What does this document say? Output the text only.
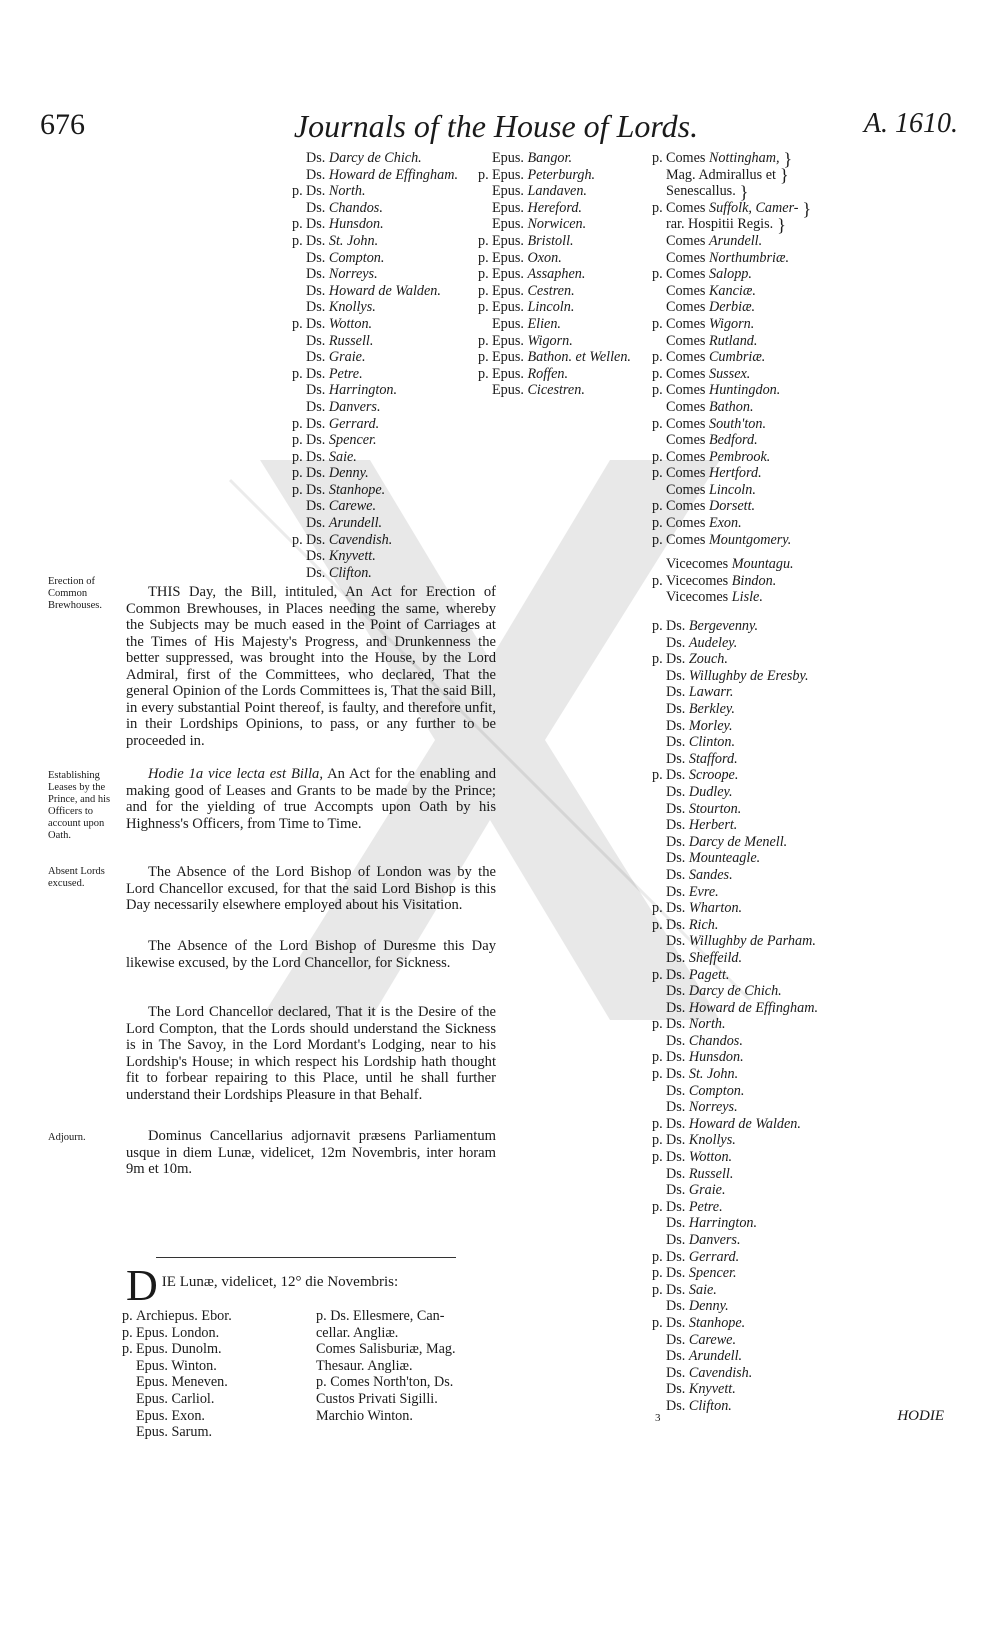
676	Journals of the House of Lords.	A. 1610.
Ds. Darcy de Chich.
Ds. Howard de Effingham.
p. Ds. North.
Ds. Chandos.
p. Ds. Hunsdon.
p. Ds. St. John.
Ds. Compton.
Ds. Norreys.
Ds. Howard de Walden.
Ds. Knollys.
p. Ds. Wotton.
Ds. Russell.
Ds. Graie.
p. Ds. Petre.
Ds. Harrington.
Ds. Danvers.
p. Ds. Gerrard.
p. Ds. Spencer.
p. Ds. Saie.
p. Ds. Denny.
p. Ds. Stanhope.
Ds. Carewe.
Ds. Arundell.
p. Ds. Cavendish.
Ds. Knyvett.
Ds. Clifton.
Epus. Bangor.
p. Epus. Peterburgh.
Epus. Landaven.
Epus. Hereford.
Epus. Norwicen.
p. Epus. Bristoll.
p. Epus. Oxon.
p. Epus. Assaphen.
p. Epus. Cestren.
p. Epus. Lincoln.
Epus. Elien.
p. Epus. Wigorn.
p. Epus. Bathon. et Wellen.
p. Epus. Roffen.
Epus. Cicestren.
p. Comes Nottingham, }
Mag. Admirallus et }
Senescallus. }
p. Comes Suffolk, Camer- }
rar. Hospitii Regis. }
Comes Arundell.
Comes Northumbriæ.
p. Comes Salopp.
Comes Kanciæ.
Comes Derbiæ.
p. Comes Wigorn.
Comes Rutland.
p. Comes Cumbriæ.
p. Comes Sussex.
p. Comes Huntingdon.
Comes Bathon.
p. Comes South'ton.
Comes Bedford.
p. Comes Pembrook.
p. Comes Hertford.
Comes Lincoln.
p. Comes Dorsett.
p. Comes Exon.
p. Comes Mountgomery.
Vicecomes Mountagu.
p. Vicecomes Bindon.
Vicecomes Lisle.
p. Ds. Bergevenny.
Ds. Audeley.
p. Ds. Zouch.
Ds. Willughby de Eresby.
Ds. Lawarr.
Ds. Berkley.
Ds. Morley.
Ds. Clinton.
Ds. Stafford.
p. Ds. Scroope.
Ds. Dudley.
Ds. Stourton.
Ds. Herbert.
Ds. Darcy de Menell.
Ds. Mounteagle.
Ds. Sandes.
Ds. Evre.
p. Ds. Wharton.
p. Ds. Rich.
Ds. Willughby de Parham.
Ds. Sheffeild.
p. Ds. Pagett.
Ds. Darcy de Chich.
Ds. Howard de Effingham.
p. Ds. North.
Ds. Chandos.
p. Ds. Hunsdon.
p. Ds. St. John.
Ds. Compton.
Ds. Norreys.
p. Ds. Howard de Walden.
p. Ds. Knollys.
p. Ds. Wotton.
Ds. Russell.
Ds. Graie.
p. Ds. Petre.
Ds. Harrington.
Ds. Danvers.
p. Ds. Gerrard.
p. Ds. Spencer.
p. Ds. Saie.
Ds. Denny.
p. Ds. Stanhope.
Ds. Carewe.
Ds. Arundell.
Ds. Cavendish.
Ds. Knyvett.
Ds. Clifton.
Erection of Common Brewhouses.
THIS Day, the Bill, intituled, An Act for Erection of Common Brewhouses, in Places needing the same, whereby the Subjects may be much eased in the Point of Carriages at the Times of His Majesty's Progress, and Drunkenness the better suppressed, was brought into the House, by the Lord Admiral, first of the Committees, who declared, That the general Opinion of the Lords Committees is, That the said Bill, in every substantial Point thereof, is faulty, and therefore unfit, in their Lordships Opinions, to pass, or any further to be proceeded in.
Establishing Leases by the Prince, and his Officers to account upon Oath.
Hodie 1a vice lecta est Billa, An Act for the enabling and making good of Leases and Grants to be made by the Prince; and for the yielding of true Accompts upon Oath by his Highness's Officers, from Time to Time.
Absent Lords excused.
The Absence of the Lord Bishop of London was by the Lord Chancellor excused, for that the said Lord Bishop is this Day necessarily elsewhere employed about his Visitation.
The Absence of the Lord Bishop of Duresme this Day likewise excused, by the Lord Chancellor, for Sickness.
The Lord Chancellor declared, That it is the Desire of the Lord Compton, that the Lords should understand the Sickness is in The Savoy, in the Lord Mordant's Lodging, near to his Lordship's House; in which respect his Lordship hath thought fit to forbear repairing to this Place, until he shall further understand their Lordships Pleasure in that Behalf.
Adjourn.	Dominus Cancellarius adjornavit præsens Parliamentum usque in diem Lunæ, videlicet, 12m Novembris, inter horam 9m et 10m.
D IE Lunæ, videlicet, 12° die Novembris:
p. Archiepus. Ebor.
p. Epus. London.
p. Epus. Dunolm.
Epus. Winton.
Epus. Meneven.
Epus. Carliol.
Epus. Exon.
Epus. Sarum.
p. Ds. Ellesmere, Can-
cellar. Angliæ.
Comes Salisburiæ, Mag.
Thesaur. Angliæ.
p. Comes North'ton, Ds.
Custos Privati Sigilli.
Marchio Winton.	3	HODIE
